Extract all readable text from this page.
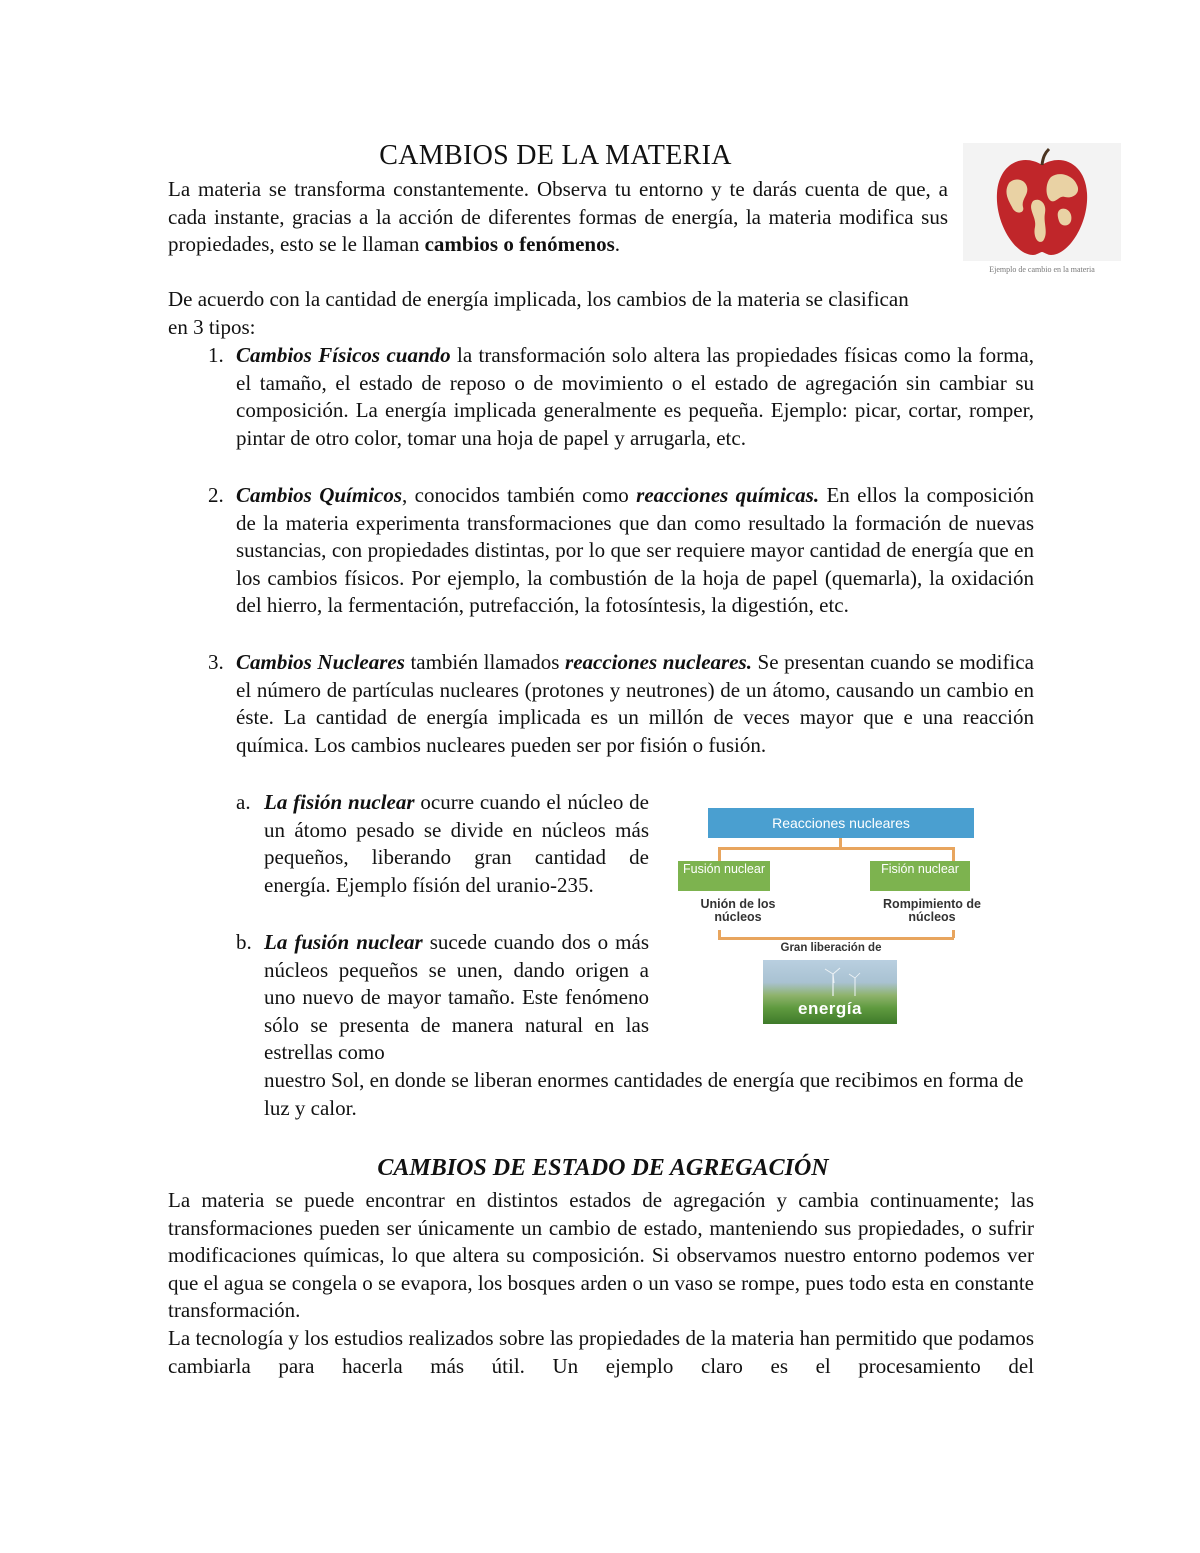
CAMBIOS DE LA MATERIA

La materia se transforma constantemente. Observa tu entorno y te darás cuenta de que, a cada instante, gracias a la acción de diferentes formas de energía, la materia modifica sus propiedades, esto se le llaman cambios o fenómenos.

Ejemplo de cambio en la materia

De acuerdo con la cantidad de energía implicada, los cambios de la materia se clasifican en 3 tipos:

1. Cambios Físicos cuando la transformación solo altera las propiedades físicas como la forma, el tamaño, el estado de reposo o de movimiento o el estado de agregación sin cambiar su composición. La energía implicada generalmente es pequeña. Ejemplo: picar, cortar, romper, pintar de otro color, tomar una hoja de papel y arrugarla, etc.
2. Cambios Químicos, conocidos también como reacciones químicas. En ellos la composición de la materia experimenta transformaciones que dan como resultado la formación de nuevas sustancias, con propiedades distintas, por lo que ser requiere mayor cantidad de energía que en los cambios físicos. Por ejemplo, la combustión de la hoja de papel (quemarla), la oxidación del hierro, la fermentación, putrefacción, la fotosíntesis, la digestión, etc.
3. Cambios Nucleares también llamados reacciones nucleares. Se presentan cuando se modifica el número de partículas nucleares (protones y neutrones) de un átomo, causando un cambio en éste. La cantidad de energía implicada es un millón de veces mayor que e una reacción química. Los cambios nucleares pueden ser por fisión o fusión.
a. La fisión nuclear ocurre cuando el núcleo de un átomo pesado se divide en núcleos más pequeños, liberando gran cantidad de energía. Ejemplo físión del uranio-235.
b. La fusión nuclear sucede cuando dos o más núcleos pequeños se unen, dando origen a uno nuevo de mayor tamaño. Este fenómeno sólo se presenta de manera natural en las estrellas como
nuestro Sol, en donde se liberan enormes cantidades de energía que recibimos en forma de luz y calor.
Reacciones nucleares
Fusión nuclear	Fisión nuclear
Unión de los núcleos
Rompimiento de núcleos
Gran liberación de
energía
CAMBIOS DE ESTADO DE AGREGACIÓN

La materia se puede encontrar en distintos estados de agregación y cambia continuamente; las transformaciones pueden ser únicamente un cambio de estado, manteniendo sus propiedades, o sufrir modificaciones químicas, lo que altera su composición. Si observamos nuestro entorno podemos ver que el agua se congela o se evapora, los bosques arden o un vaso se rompe, pues todo esta en constante transformación.

La tecnología y los estudios realizados sobre las propiedades de la materia han permitido que podamos cambiarla para hacerla más útil. Un ejemplo claro es el procesamiento del
